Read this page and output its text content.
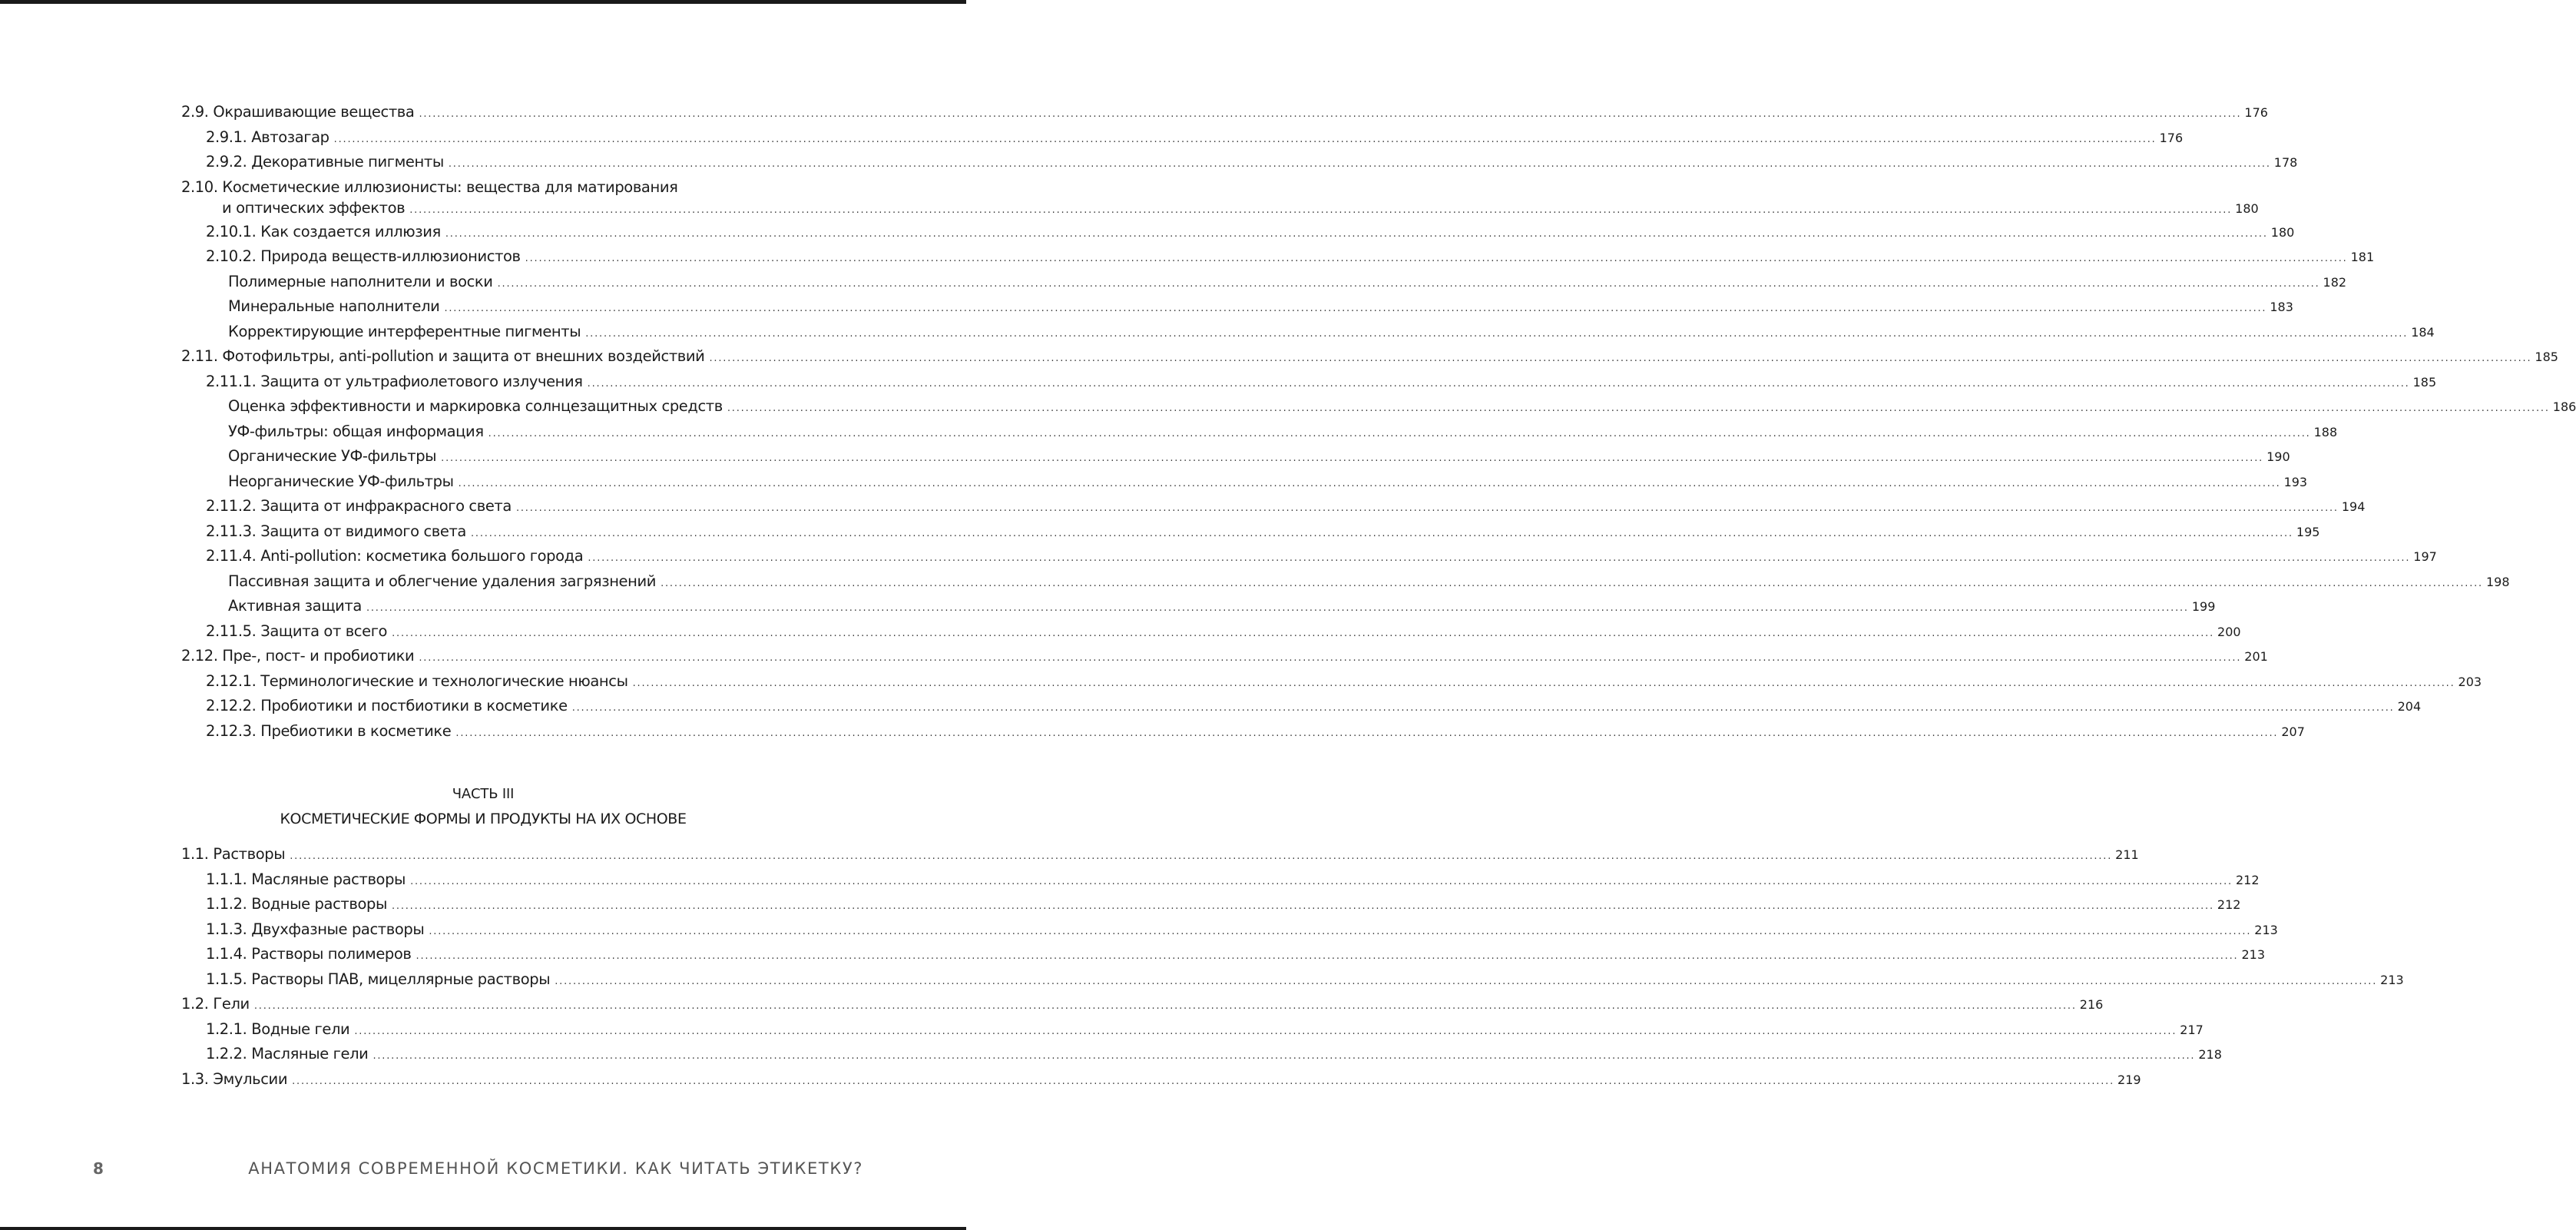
2.9. Окрашивающие вещества ................................................................................................................................................................................................................................................................................................................................................................................................................ 176
2.9.1. Автозагар ................................................................................................................................................................................................................................................................................................................................................................................................................ 176
2.9.2. Декоративные пигменты ................................................................................................................................................................................................................................................................................................................................................................................................................ 178
2.10. Косметические иллюзионисты: вещества для матирования
и оптических эффектов ................................................................................................................................................................................................................................................................................................................................................................................................................ 180
2.10.1. Как создается иллюзия ................................................................................................................................................................................................................................................................................................................................................................................................................ 180
2.10.2. Природа веществ-иллюзионистов ................................................................................................................................................................................................................................................................................................................................................................................................................ 181
Полимерные наполнители и воски ................................................................................................................................................................................................................................................................................................................................................................................................................ 182
Минеральные наполнители ................................................................................................................................................................................................................................................................................................................................................................................................................ 183
Корректирующие интерферентные пигменты ................................................................................................................................................................................................................................................................................................................................................................................................................ 184
2.11. Фотофильтры, anti-pollution и защита от внешних воздействий ................................................................................................................................................................................................................................................................................................................................................................................................................ 185
2.11.1. Защита от ультрафиолетового излучения ................................................................................................................................................................................................................................................................................................................................................................................................................ 185
Оценка эффективности и маркировка солнцезащитных средств ................................................................................................................................................................................................................................................................................................................................................................................................................ 186
УФ-фильтры: общая информация ................................................................................................................................................................................................................................................................................................................................................................................................................ 188
Органические УФ-фильтры ................................................................................................................................................................................................................................................................................................................................................................................................................ 190
Неорганические УФ-фильтры ................................................................................................................................................................................................................................................................................................................................................................................................................ 193
2.11.2. Защита от инфракрасного света ................................................................................................................................................................................................................................................................................................................................................................................................................ 194
2.11.3. Защита от видимого света ................................................................................................................................................................................................................................................................................................................................................................................................................ 195
2.11.4. Anti-pollution: косметика большого города ................................................................................................................................................................................................................................................................................................................................................................................................................ 197
Пассивная защита и облегчение удаления загрязнений ................................................................................................................................................................................................................................................................................................................................................................................................................ 198
Активная защита ................................................................................................................................................................................................................................................................................................................................................................................................................ 199
2.11.5. Защита от всего ................................................................................................................................................................................................................................................................................................................................................................................................................ 200
2.12. Пре-, пост- и пробиотики ................................................................................................................................................................................................................................................................................................................................................................................................................ 201
2.12.1. Терминологические и технологические нюансы ................................................................................................................................................................................................................................................................................................................................................................................................................ 203
2.12.2. Пробиотики и постбиотики в косметике ................................................................................................................................................................................................................................................................................................................................................................................................................ 204
2.12.3. Пребиотики в косметике ................................................................................................................................................................................................................................................................................................................................................................................................................ 207
ЧАСТЬ III
КОСМЕТИЧЕСКИЕ ФОРМЫ И ПРОДУКТЫ НА ИХ ОСНОВЕ
1.1. Растворы ................................................................................................................................................................................................................................................................................................................................................................................................................ 211
1.1.1. Масляные растворы ................................................................................................................................................................................................................................................................................................................................................................................................................ 212
1.1.2. Водные растворы ................................................................................................................................................................................................................................................................................................................................................................................................................ 212
1.1.3. Двухфазные растворы ................................................................................................................................................................................................................................................................................................................................................................................................................ 213
1.1.4. Растворы полимеров ................................................................................................................................................................................................................................................................................................................................................................................................................ 213
1.1.5. Растворы ПАВ, мицеллярные растворы ................................................................................................................................................................................................................................................................................................................................................................................................................ 213
1.2. Гели ................................................................................................................................................................................................................................................................................................................................................................................................................ 216
1.2.1. Водные гели ................................................................................................................................................................................................................................................................................................................................................................................................................ 217
1.2.2. Масляные гели ................................................................................................................................................................................................................................................................................................................................................................................................................ 218
1.3. Эмульсии ................................................................................................................................................................................................................................................................................................................................................................................................................ 219
8	АНАТОМИЯ СОВРЕМЕННОЙ КОСМЕТИКИ. КАК ЧИТАТЬ ЭТИКЕТКУ?
